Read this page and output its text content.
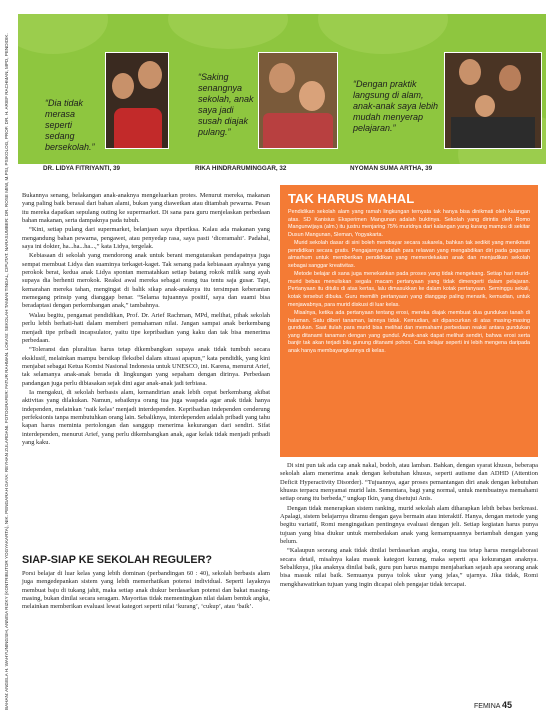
“Dia tidak merasa seperti sedang bersekolah.”
“Saking senangnya sekolah, anak saya jadi susah diajak pulang.”
“Dengan praktik langsung di alam, anak-anak saya lebih mudah menyerap pelajaran.”
DR. LIDYA FITRIYANTI, 39	RIKA HINDRARUMINGGAR, 32	NYOMAN SUMA ARTHA, 39
BAHAN: ANGELA H. WAHYUNINGSIH, ANNISA RIZKY (KONTRIBUTOR YOGYAKARTA), NIK. PENGARAH GAYA: REYHAN ZULARDANI. FOTOGRAFER: FATUR RAHMAN. LOKASI: SEKOLAH TAMAN TINGAL, CIPUTAT. NARASUMBER: DR. ROSE MINI, M.PSI, PSIKOLOG, PROF. DR. H. ARIEF RACHMAN, MPD, PENDIDIK. Bukannya senang, belakangan anak-anaknya mengeluarkan protes. Menurut mereka, makanan yang paling baik berasal dari bahan alami, bukan yang diawetkan atau ditambah pewarna. Pesan itu mereka dapatkan sepulang outing ke supermarket. Di sana para guru menjelaskan perbedaan bahan makanan, serta dampaknya pada tubuh.

“Kini, setiap pulang dari supermarket, belanjaan saya diperiksa. Kalau ada makanan yang mengandung bahan pewarna, pengawet, atau penyedap rasa, saya pasti ‘diceramahi’. Padahal, saya ini dokter, ha...ha...ha...,” kata Lidya, tergelak.

Kebiasaan di sekolah yang mendorong anak untuk berani mengutarakan pendapatnya juga sempat membuat Lidya dan suaminya terkaget-kaget. Tak senang pada kebiasaan ayahnya yang perokok berat, kedua anak Lidya spontan mematahkan setiap batang rokok milik sang ayah supaya dia berhenti merokok. Reaksi awal mereka sebagai orang tua tentu saja gusar. Tapi, kemarahan mereka tahan, mengingat di balik sikap anak-anaknya itu tersimpan keberanian memegang prinsip yang dianggap benar. “Selama tujuannya positif, saya dan suami bisa beradaptasi dengan perkembangan anak,” tambahnya.

Walau begitu, pengamat pendidikan, Prof. Dr. Arief Rachman, MPd, melihat, pihak sekolah perlu lebih berhati-hati dalam memberi pemahaman nilai. Jangan sampai anak berkembang menjadi tipe pribadi incapsulator, yaitu tipe kepribadian yang kaku dan tak bisa menerima perbedaan.

“Toleransi dan pluralitas harus tetap dikembangkan supaya anak tidak tumbuh secara eksklusif, melainkan mampu bersikap fleksibel dalam situasi apapun,” kata pendidik, yang kini menjabat sebagai Ketua Komisi Nasional Indonesia untuk UNESCO, ini. Karena, menurut Arief, tak selamanya anak-anak berada di lingkungan yang sepaham dengan dirinya. Perbedaan pandangan juga perlu dibiasakan sejak dini agar anak-anak jadi terbiasa.

Ia mengakui, di sekolah berbasis alam, kemandirian anak lebih cepat berkembang akibat aktivitas yang dilakukan. Namun, sebaiknya orang tua juga waspada agar anak tidak hanya independen, melainkan ‘naik kelas’ menjadi interdependen. Kepribadian independen cenderung perfeksionis tanpa membutuhkan orang lain. Sebaliknya, interdependen adalah pribadi yang tahu kapan harus meminta pertolongan dan sanggup menerima kekurangan dari sendiri. Sifat interdependen, menurut Arief, yang perlu dikembangkan anak, agar kelak tidak menjadi pribadi yang kaku.

SIAP-SIAP KE SEKOLAH REGULER?

Porsi belajar di luar kelas yang lebih dominan (perbandingan 60 : 40), sekolah berbasis alam juga mengedepankan sistem yang lebih memerhatikan potensi individual. Seperti layaknya membuat baju di tukang jahit, maka setiap anak diukur berdasarkan potensi dan bakat masing-masing, bukan dinilai secara seragam. Mayoritas tidak mementingkan nilai dalam bentuk angka, melainkan memberikan evaluasi lewat kategori seperti nilai ‘kurang’, ‘cukup’, atau ‘baik’.

TAK HARUS MAHAL

Pendidikan sekolah alam yang ramah lingkungan ternyata tak hanya bisa dinikmati oleh kalangan atas. SD Kanisius Eksperimen Mangunan adalah buktinya. Sekolah yang dirintis oleh Romo Mangunwijaya (alm.) itu justru menjaring 75% muridnya dari kalangan yang kurang mampu di sekitar Dusun Mangunan, Sleman, Yogyakarta.

Murid sekolah dasar di sini boleh membayar secara sukarela, bahkan tak sedikit yang menikmati pendidikan secara gratis. Pengajarnya adalah para relawan yang mengabdikan diri pada gagasan almarhum untuk memberikan pendidikan yang memerdekakan anak dan menjadikan sekolah sebagai sanggar kreativitas.

Metode belajar di sana juga menekankan pada proses yang tidak mengekang. Setiap hari murid-murid bebas menuliskan segala macam pertanyaan yang tidak dimengerti dalam pelajaran. Pertanyaan itu ditulis di atas kertas, lalu dimasukkan ke dalam kotak pertanyaan. Seminggu sekali, kotak tersebut dibuka. Guru memilih pertanyaan yang dianggap paling menarik, kemudian, untuk menjawabnya, para murid diskusi di luar kelas.

Misalnya, ketika ada pertanyaan tentang erosi, mereka diajak membuat dua gundukan tanah di halaman. Satu diberi tanaman, lainnya tidak. Kemudian, air dipancurkan di atas masing-masing gundukan. Saat itulah para murid bisa melihat dan memahami perbedaan reaksi antara gundukan yang ditanami tanaman dengan yang gundul. Anak-anak dapat melihat sendiri, bahwa erosi serta banjir tak akan terjadi bila gunung ditanami pohon. Cara belajar seperti ini lebih mengena daripada anak hanya membayangkannya di kelas.

Di sini pun tak ada cap anak nakal, bodoh, atau lamban. Bahkan, dengan syarat khusus, beberapa sekolah alam menerima anak dengan kebutuhan khusus, seperti autisme dan ADHD (Attention Deficit Hyperactivity Disorder). “Tujuannya, agar proses pemantangan diri anak dengan kebutuhan khusus terpacu menyamai murid lain. Sementara, bagi yang normal, untuk membuatnya memahami setiap orang itu berbeda,” ungkap Ikin, yang disetujui Anis.

Dengan tidak menerapkan sistem ranking, murid sekolah alam diharapkan lebih bebas berkreasi. Apalagi, sistem belajarnya diramu dengan gaya bermain atau interaktif. Hanya, dengan metode yang begitu variatif, Romi mengingatkan pentingnya evaluasi dengan jeli. Setiap kegiatan harus punya tujuan yang bisa diukur untuk membedakan anak yang kemampuannya bertambah dengan yang belum.

“Kalaupun seorang anak tidak dinilai berdasarkan angka, orang tua tetap harus mengelaborasi secara detail, misalnya kalau masuk kategori kurang, maka seperti apa kekurangan anaknya. Sebaliknya, jika anaknya dinilai baik, guru pun harus mampu menjabarkan sejauh apa seorang anak bisa masuk nilai baik. Semuanya punya tolok ukur yang jelas,” ujarnya. Jika tidak, Romi mengkhawatirkan tujuan yang ingin dicapai oleh pengajar tidak tercapai.

FEMINA 45
